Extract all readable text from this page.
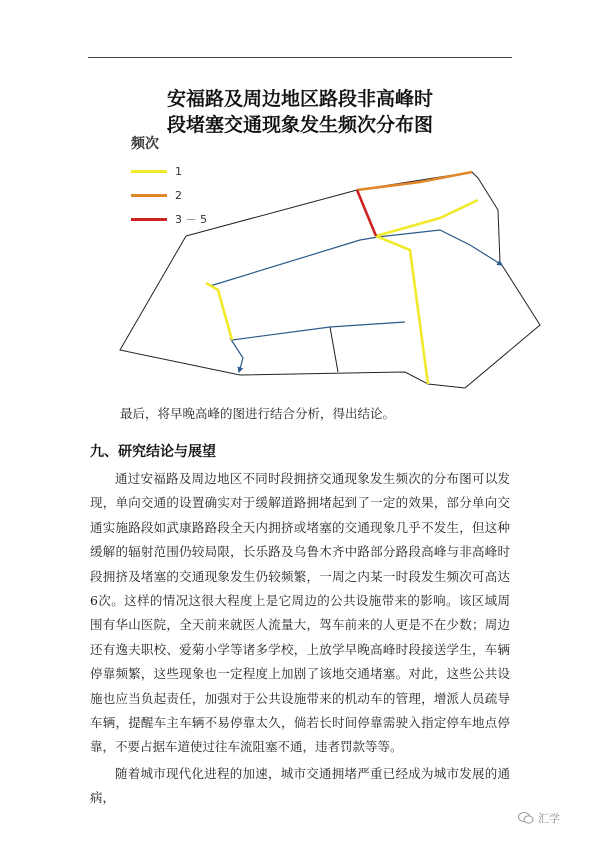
安福路及周边地区路段非高峰时
段堵塞交通现象发生频次分布图
频次
1
2
3 － 5
最后，将早晚高峰的图进行结合分析，得出结论。
九、研究结论与展望

通过安福路及周边地区不同时段拥挤交通现象发生频次的分布图可以发现，单向交通的设置确实对于缓解道路拥堵起到了一定的效果，部分单向交通实施路段如武康路路段全天内拥挤或堵塞的交通现象几乎不发生，但这种缓解的辐射范围仍较局限，长乐路及乌鲁木齐中路部分路段高峰与非高峰时段拥挤及堵塞的交通现象发生仍较频繁，一周之内某一时段发生频次可高达6次。这样的情况这很大程度上是它周边的公共设施带来的影响。该区域周围有华山医院，全天前来就医人流量大，驾车前来的人更是不在少数；周边还有逸夫职校、爱菊小学等诸多学校，上放学早晚高峰时段接送学生，车辆停靠频繁，这些现象也一定程度上加剧了该地交通堵塞。对此，这些公共设施也应当负起责任，加强对于公共设施带来的机动车的管理，增派人员疏导车辆，提醒车主车辆不易停靠太久，倘若长时间停靠需驶入指定停车地点停靠，不要占据车道使过往车流阻塞不通，违者罚款等等。

随着城市现代化进程的加速，城市交通拥堵严重已经成为城市发展的通病，

汇学
